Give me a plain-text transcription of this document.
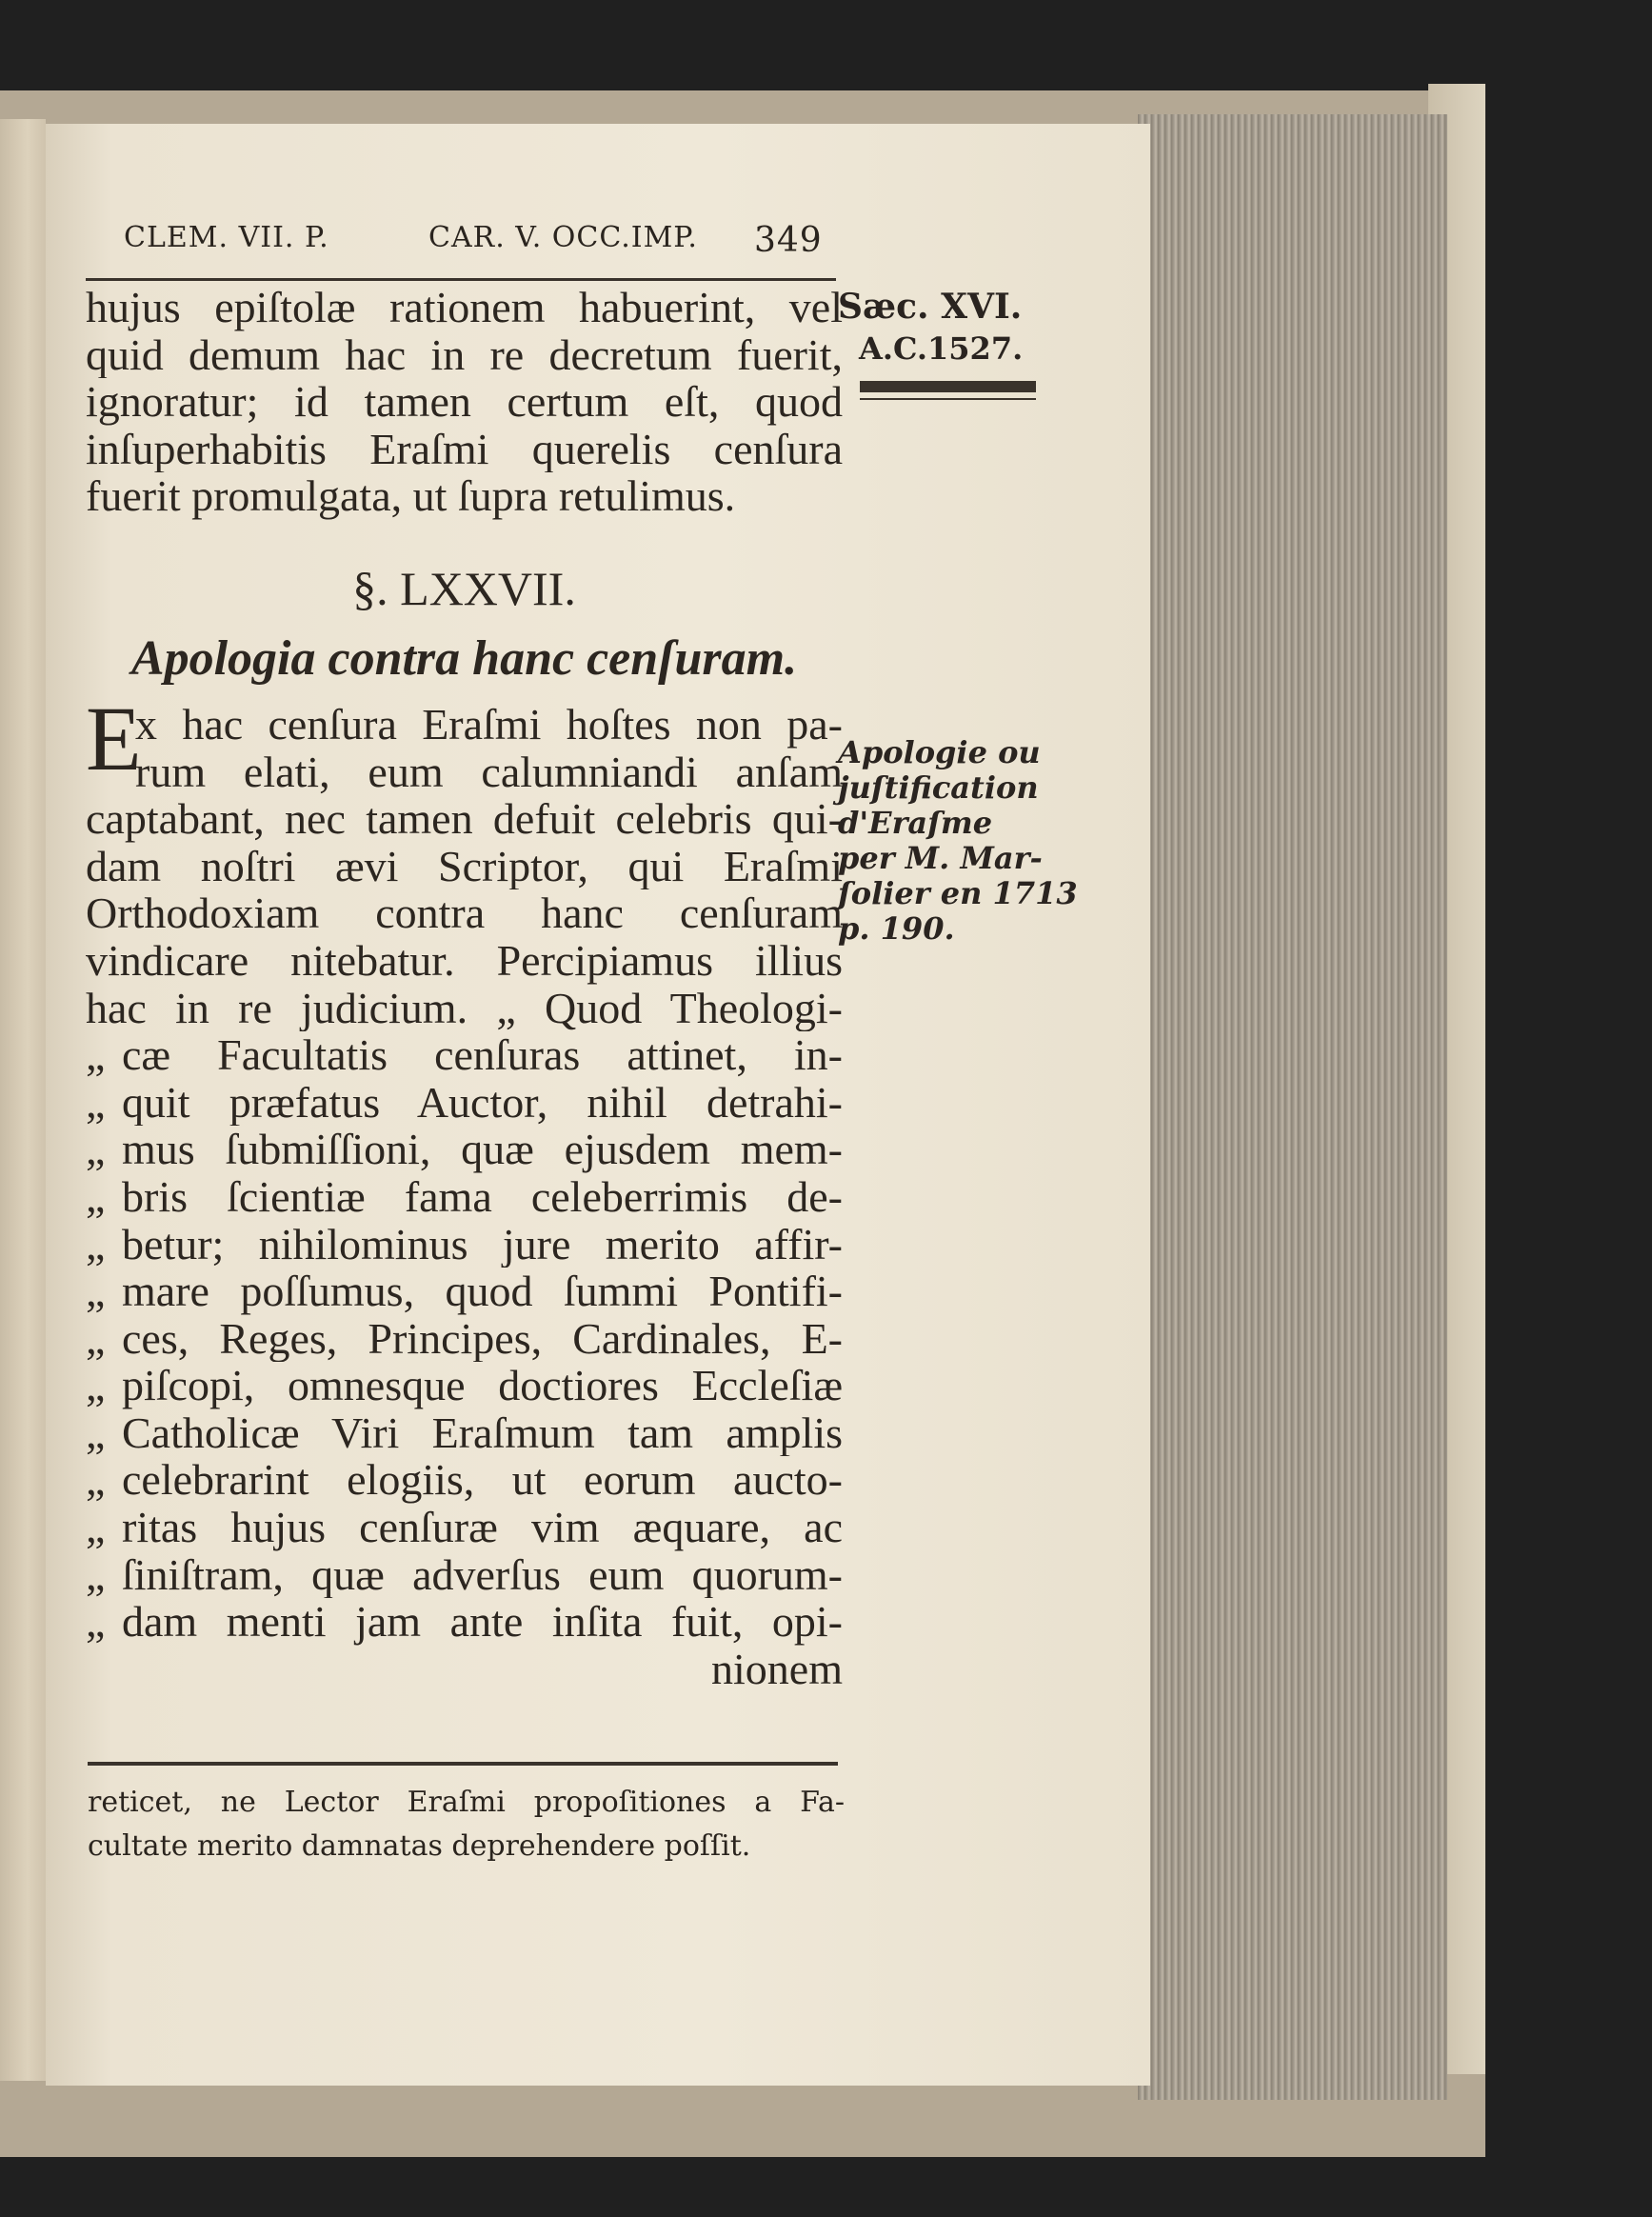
CLEM. VII. P.	CAR. V. OCC.IMP. 349
Sæc. XVI.
A.C.1527.
Apologie ou
juſtification
d'Eraſme
per M. Mar-
ſolier en 1713
p. 190.
hujus epiſtolæ rationem habuerint, vel
quid demum hac in re decretum fuerit,
ignoratur; id tamen certum eſt, quod
inſuperhabitis Eraſmi querelis cenſura
fuerit promulgata, ut ſupra retulimus.
§. LXXVII.
Apologia contra hanc cenſuram.
E
x hac cenſura Eraſmi hoſtes non pa-
rum elati, eum calumniandi anſam
captabant, nec tamen defuit celebris qui-
dam noſtri ævi Scriptor, qui Eraſmi
Orthodoxiam contra hanc cenſuram
vindicare nitebatur. Percipiamus illius
hac in re judicium. „ Quod Theologi-
„ cæ Facultatis cenſuras attinet, in-
„ quit præfatus Auctor, nihil detrahi-
„ mus ſubmiſſioni, quæ ejusdem mem-
„ bris ſcientiæ fama celeberrimis de-
„ betur; nihilominus jure merito affir-
„ mare poſſumus, quod ſummi Pontifi-
„ ces, Reges, Principes, Cardinales, E-
„ piſcopi, omnesque doctiores Eccleſiæ
„ Catholicæ Viri Eraſmum tam amplis
„ celebrarint elogiis, ut eorum aucto-
„ ritas hujus cenſuræ vim æquare, ac
„ ſiniſtram, quæ adverſus eum quorum-
„ dam menti jam ante inſita fuit, opi-
nionem
reticet, ne Lector Eraſmi propoſitiones a Fa-
cultate merito damnatas deprehendere poſſit.
